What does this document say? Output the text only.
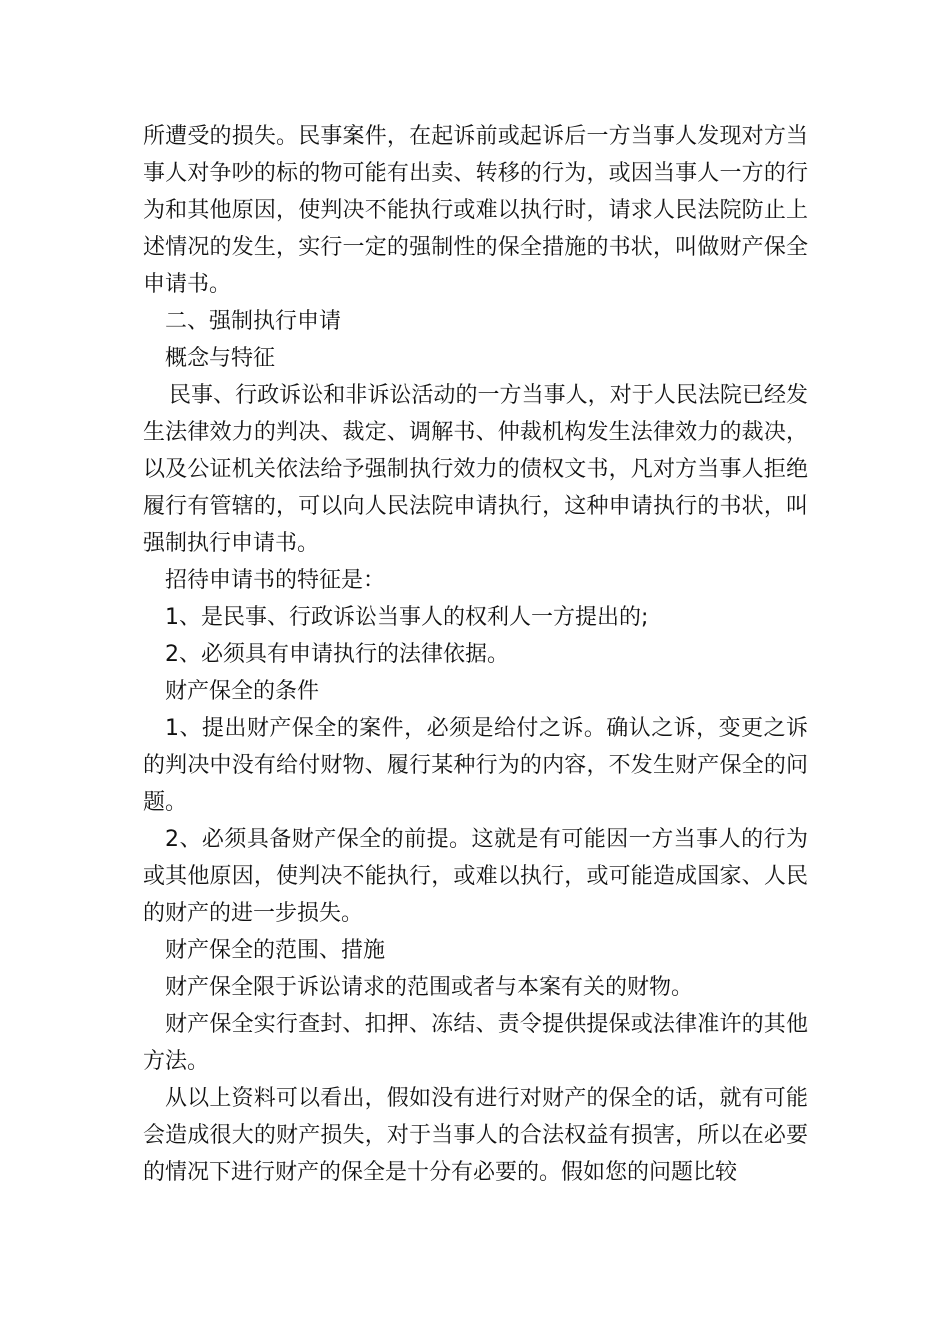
所遭受的损失。民事案件，在起诉前或起诉后一方当事人发现对方当事人对争吵的标的物可能有出卖、转移的行为，或因当事人一方的行为和其他原因，使判决不能执行或难以执行时，请求人民法院防止上述情况的发生，实行一定的强制性的保全措施的书状，叫做财产保全申请书。

二、强制执行申请

概念与特征

民事、行政诉讼和非诉讼活动的一方当事人，对于人民法院已经发生法律效力的判决、裁定、调解书、仲裁机构发生法律效力的裁决，以及公证机关依法给予强制执行效力的债权文书，凡对方当事人拒绝履行有管辖的，可以向人民法院申请执行，这种申请执行的书状，叫强制执行申请书。

招待申请书的特征是：

1、是民事、行政诉讼当事人的权利人一方提出的;

2、必须具有申请执行的法律依据。

财产保全的条件

1、提出财产保全的案件，必须是给付之诉。确认之诉，变更之诉的判决中没有给付财物、履行某种行为的内容，不发生财产保全的问题。

2、必须具备财产保全的前提。这就是有可能因一方当事人的行为或其他原因，使判决不能执行，或难以执行，或可能造成国家、人民的财产的进一步损失。

财产保全的范围、措施

财产保全限于诉讼请求的范围或者与本案有关的财物。

财产保全实行查封、扣押、冻结、责令提供提保或法律准许的其他方法。

从以上资料可以看出，假如没有进行对财产的保全的话，就有可能会造成很大的财产损失，对于当事人的合法权益有损害，所以在必要的情况下进行财产的保全是十分有必要的。假如您的问题比较
